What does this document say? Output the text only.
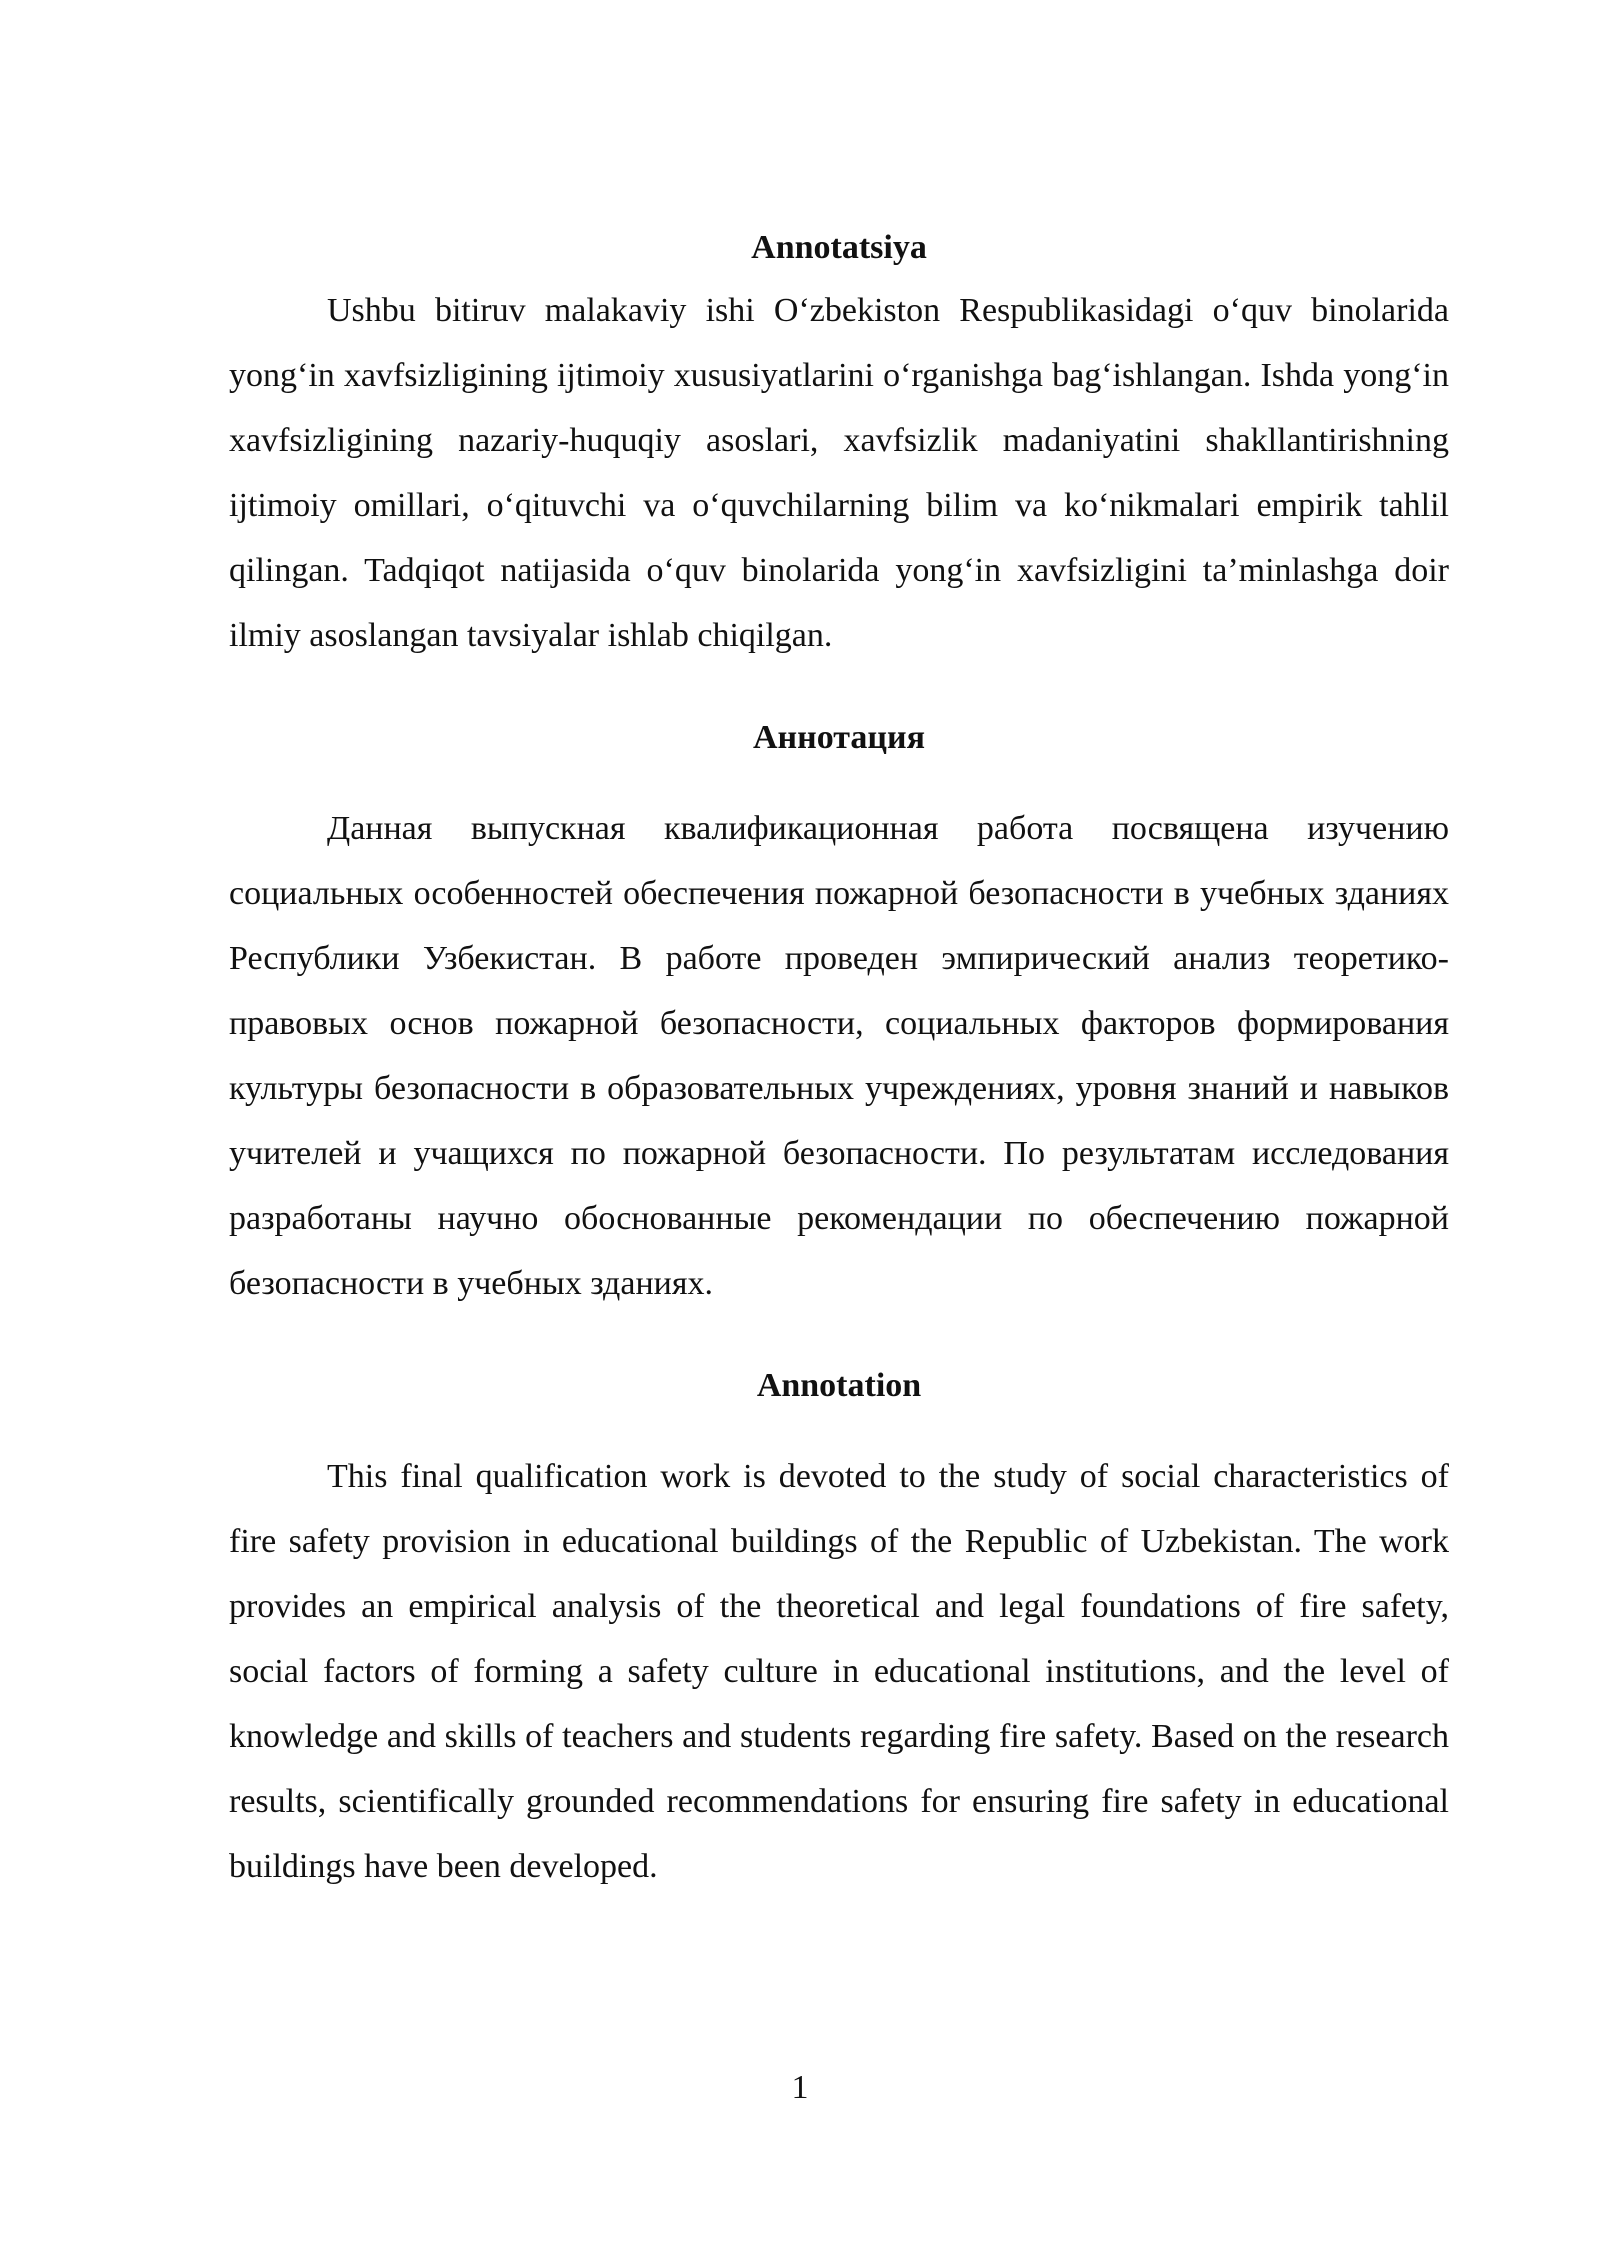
Annotatsiya

Ushbu bitiruv malakaviy ishi O‘zbekiston Respublikasidagi o‘quv binolarida yong‘in xavfsizligining ijtimoiy xususiyatlarini o‘rganishga bag‘ishlangan. Ishda yong‘in xavfsizligining nazariy-huquqiy asoslari, xavfsizlik madaniyatini shakllantirishning ijtimoiy omillari, o‘qituvchi va o‘quvchilarning bilim va ko‘nikmalari empirik tahlil qilingan. Tadqiqot natijasida o‘quv binolarida yong‘in xavfsizligini ta’minlashga doir ilmiy asoslangan tavsiyalar ishlab chiqilgan.

Аннотация

Данная выпускная квалификационная работа посвящена изучению социальных особенностей обеспечения пожарной безопасности в учебных зданиях Республики Узбекистан. В работе проведен эмпирический анализ теоретико-правовых основ пожарной безопасности, социальных факторов формирования культуры безопасности в образовательных учреждениях, уровня знаний и навыков учителей и учащихся по пожарной безопасности. По результатам исследования разработаны научно обоснованные рекомендации по обеспечению пожарной безопасности в учебных зданиях.

Annotation

This final qualification work is devoted to the study of social characteristics of fire safety provision in educational buildings of the Republic of Uzbekistan. The work provides an empirical analysis of the theoretical and legal foundations of fire safety, social factors of forming a safety culture in educational institutions, and the level of knowledge and skills of teachers and students regarding fire safety. Based on the research results, scientifically grounded recommendations for ensuring fire safety in educational buildings have been developed.

1
